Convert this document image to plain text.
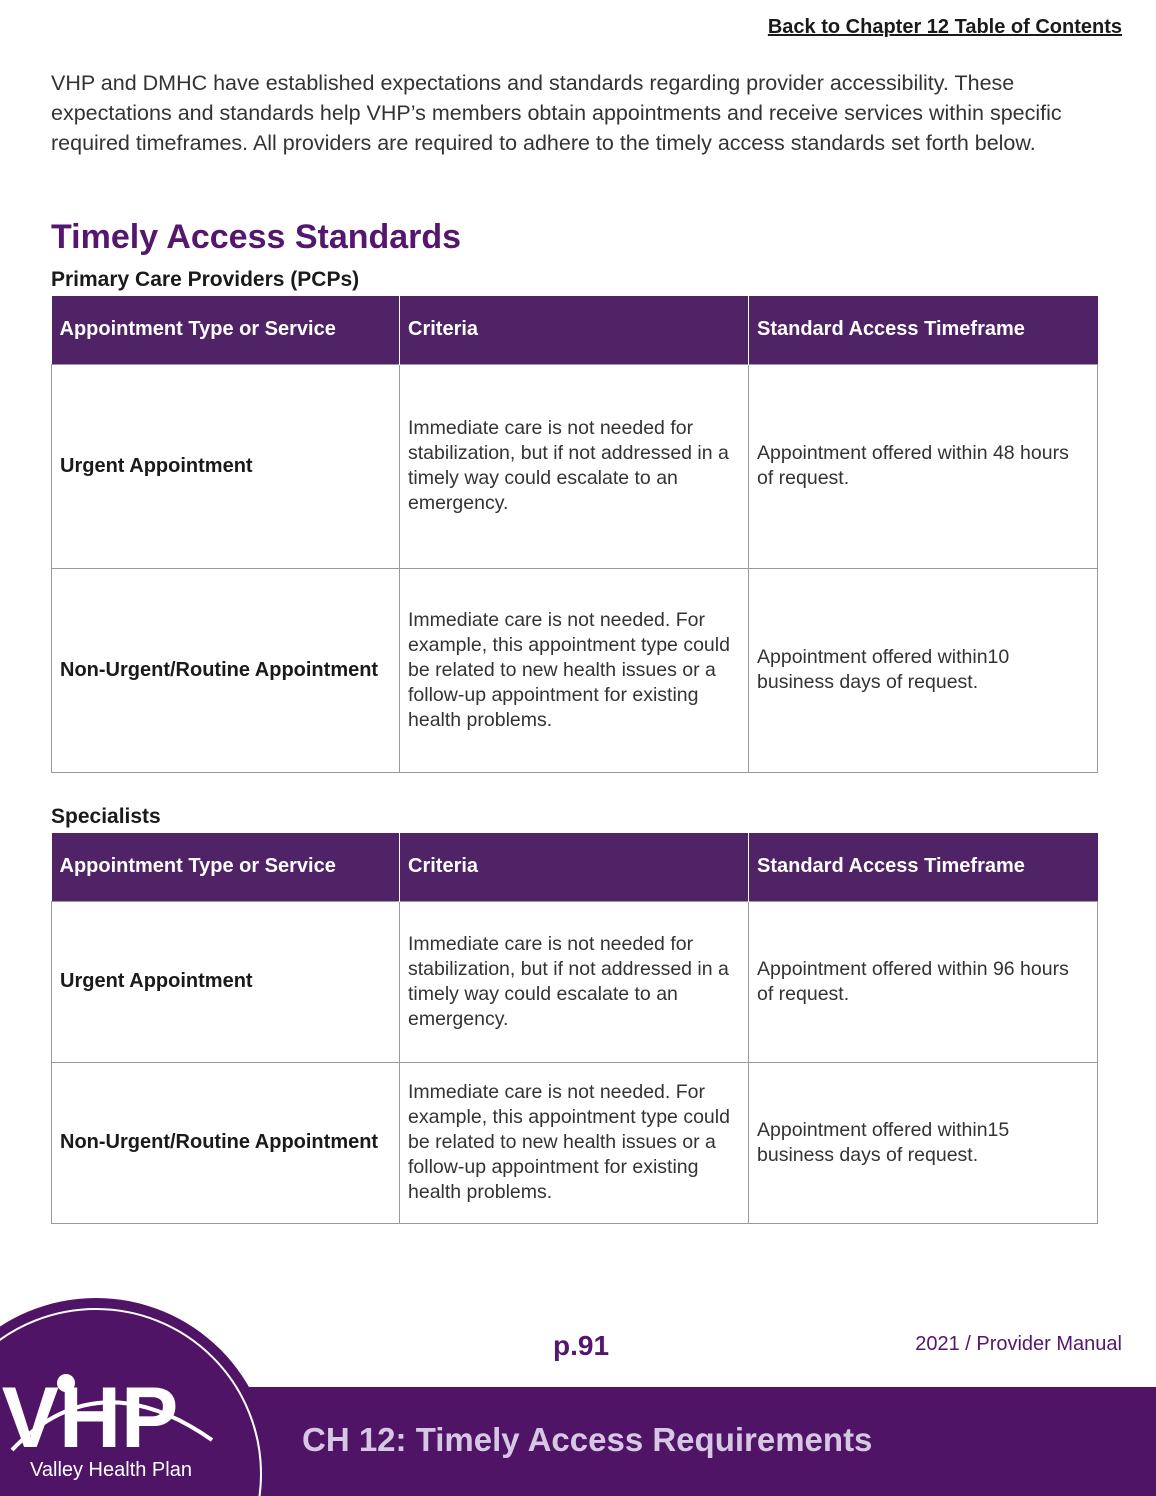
Back to Chapter 12 Table of Contents

VHP and DMHC have established expectations and standards regarding provider accessibility. These expectations and standards help VHP’s members obtain appointments and receive services within specific required timeframes. All providers are required to adhere to the timely access standards set forth below.

Timely Access Standards
Primary Care Providers (PCPs)
Appointment Type or Service	Criteria	Standard Access Timeframe
Urgent Appointment	Immediate care is not needed for stabilization, but if not addressed in a timely way could escalate to an emergency.	Appointment offered within 48 hours of request.
Non-Urgent/Routine Appointment	Immediate care is not needed. For example, this appointment type could be related to new health issues or a follow-up appointment for existing health problems.	Appointment offered within10 business days of request.
Specialists
Appointment Type or Service	Criteria	Standard Access Timeframe
Urgent Appointment	Immediate care is not needed for stabilization, but if not addressed in a timely way could escalate to an emergency.	Appointment offered within 96 hours of request.
Non-Urgent/Routine Appointment	Immediate care is not needed. For example, this appointment type could be related to new health issues or a follow-up appointment for existing health problems.	Appointment offered within15 business days of request.
p.91	2021 / Provider Manual
CH 12: Timely Access Requirements
VHP
Valley Health Plan
